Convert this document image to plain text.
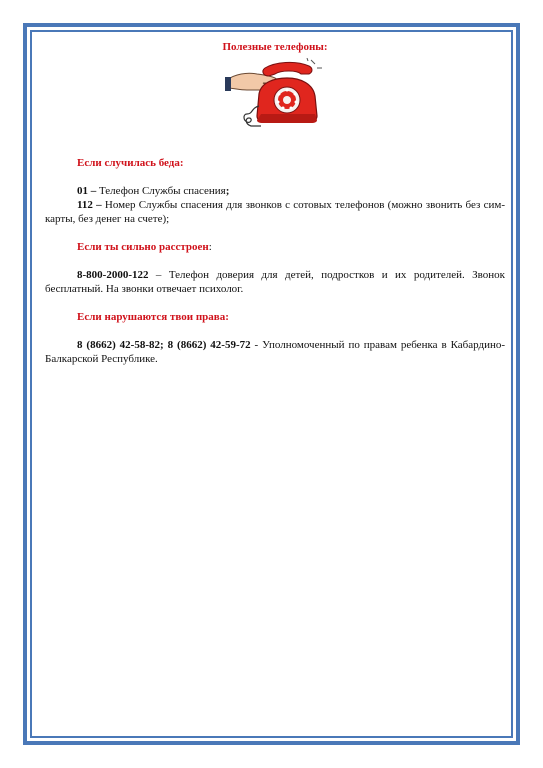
Полезные телефоны:
Если случилась беда:

01 – Телефон Службы спасения;

112 – Номер Службы спасения для звонков с сотовых телефонов (можно звонить без сим-карты, без денег на счете);

Если ты сильно расстроен:

8-800-2000-122 – Телефон доверия для детей, подростков и их родителей. Звонок бесплатный. На звонки отвечает психолог.

Если нарушаются твои права:

8 (8662) 42-58-82; 8 (8662) 42-59-72 - Уполномоченный по правам ребенка в Кабардино-Балкарской Республике.
